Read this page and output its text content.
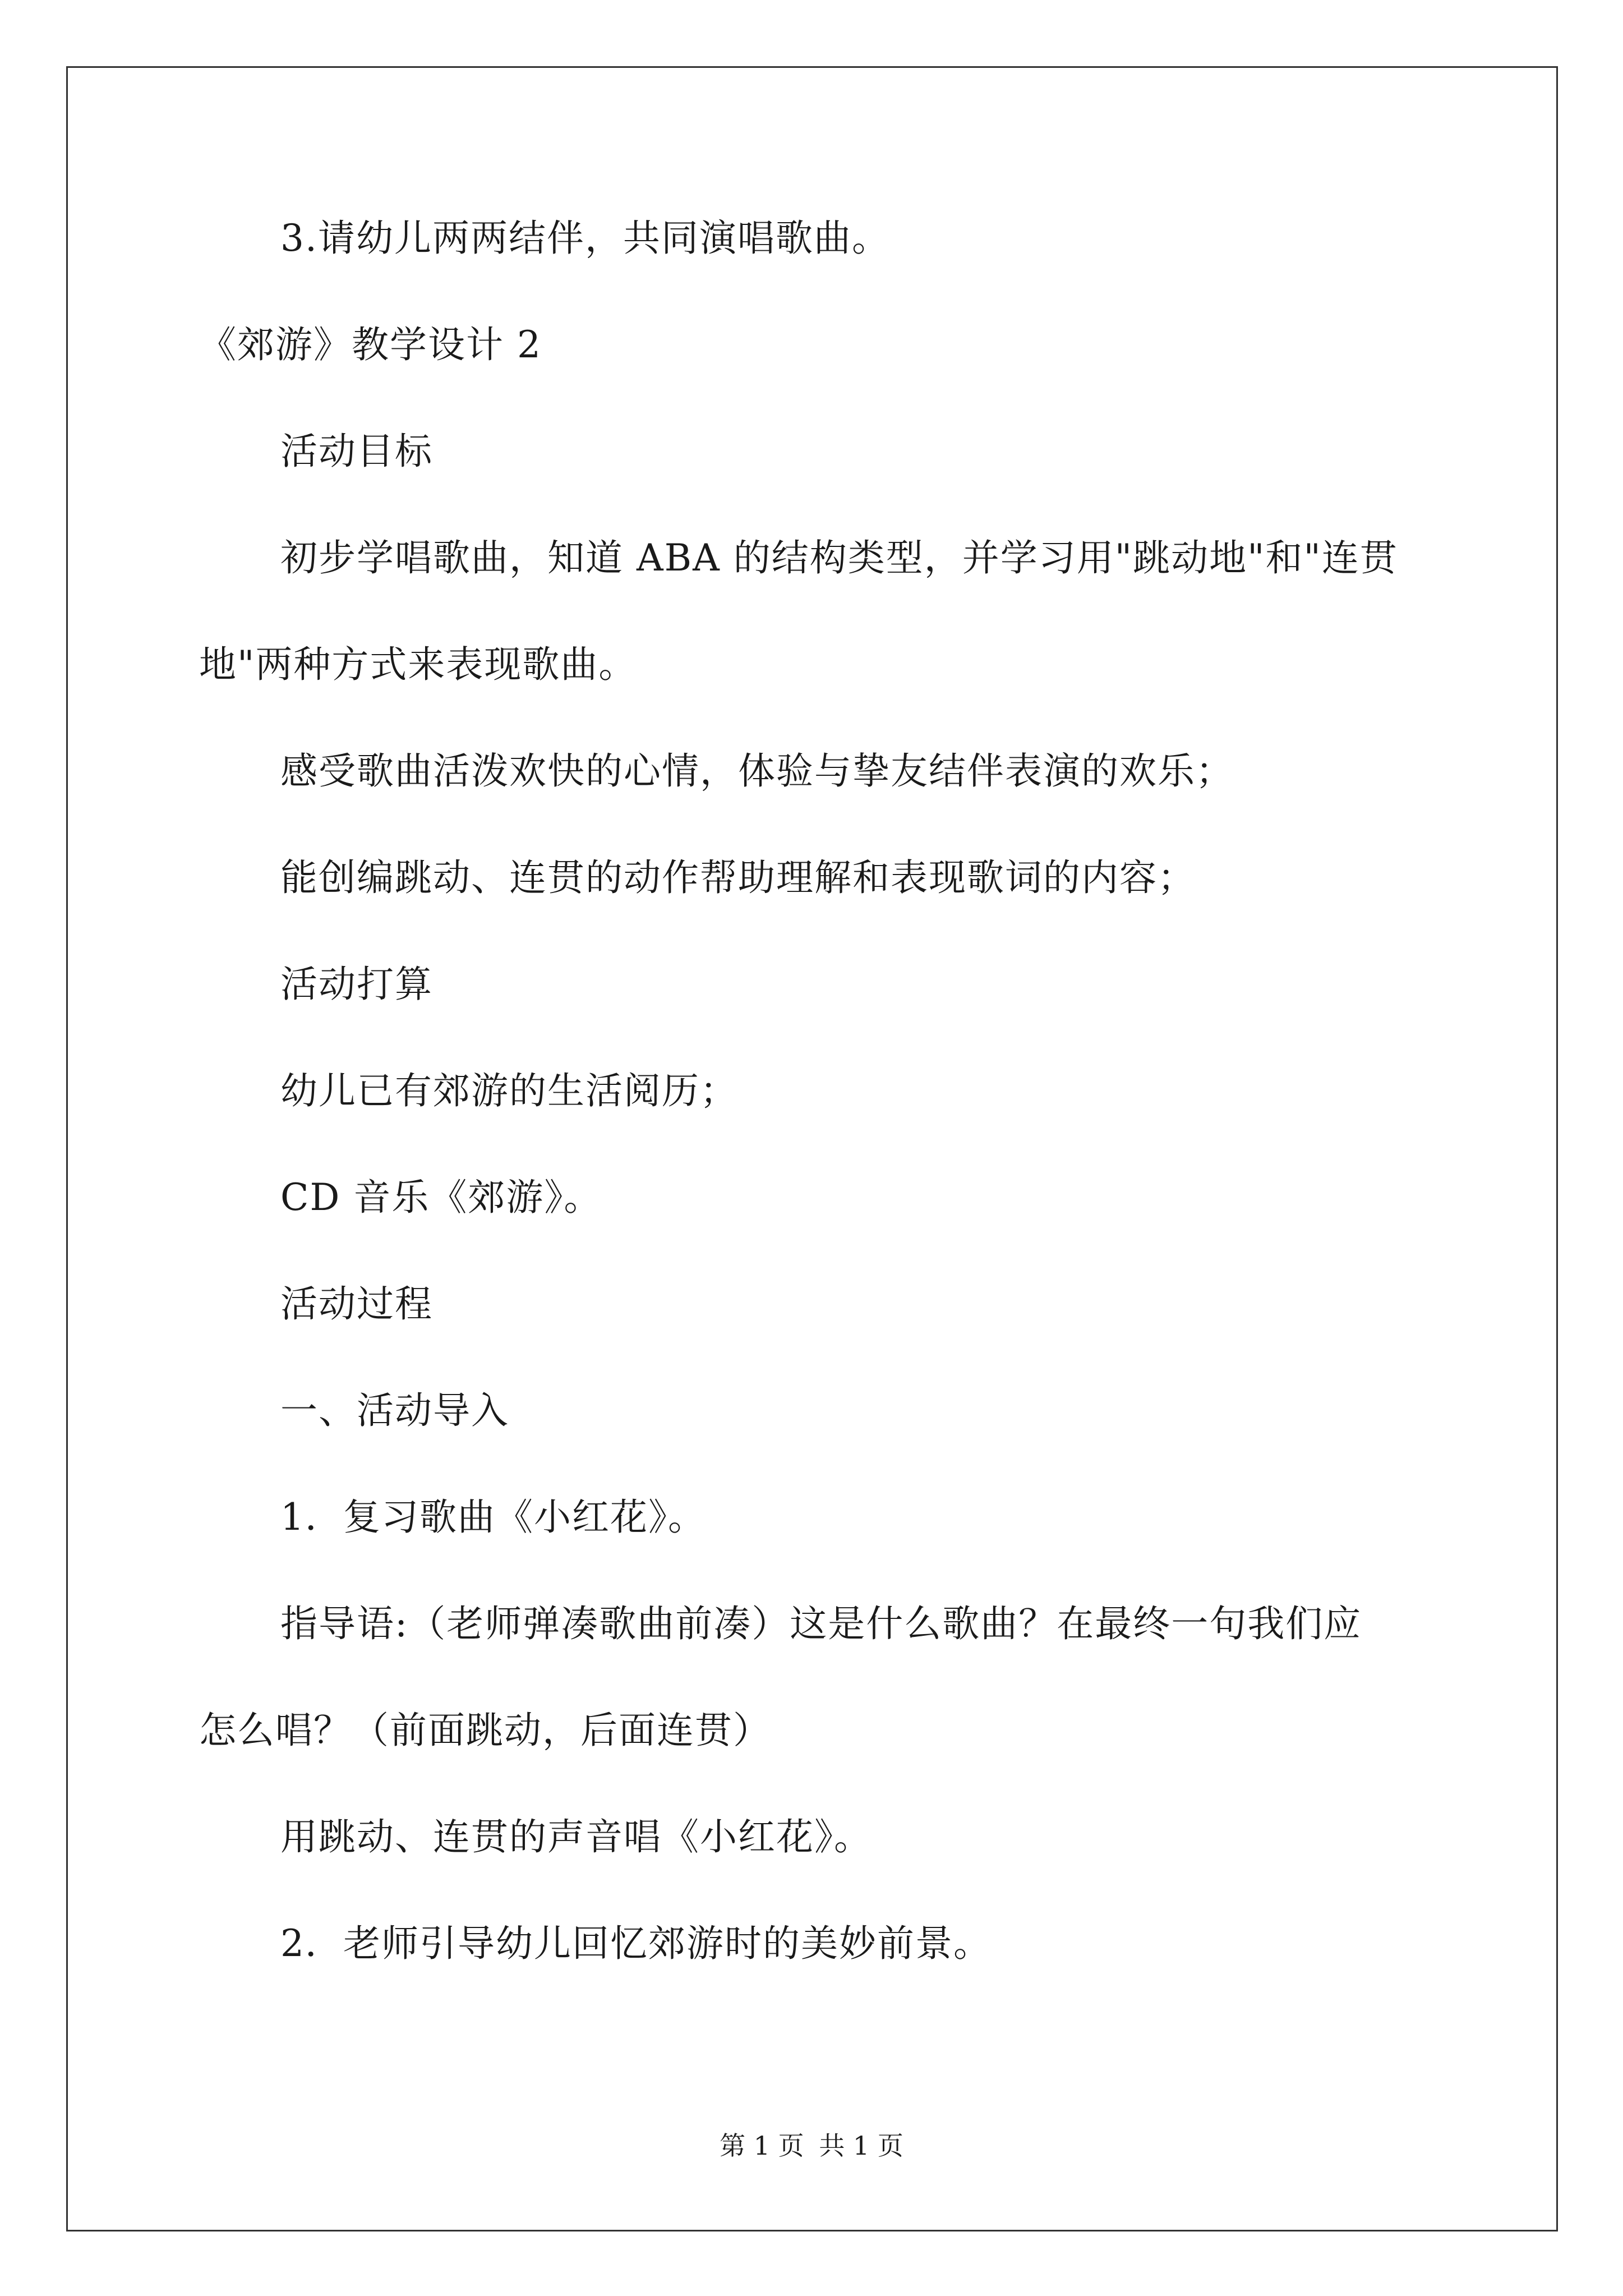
3.请幼儿两两结伴，共同演唱歌曲。
《郊游》教学设计 2
活动目标
初步学唱歌曲，知道 ABA 的结构类型，并学习用"跳动地"和"连贯
地"两种方式来表现歌曲。
感受歌曲活泼欢快的心情，体验与挚友结伴表演的欢乐；
能创编跳动、连贯的动作帮助理解和表现歌词的内容；
活动打算
幼儿已有郊游的生活阅历；
CD 音乐《郊游》。
活动过程
一、活动导入
1．复习歌曲《小红花》。
指导语:（老师弹凑歌曲前凑）这是什么歌曲？在最终一句我们应
怎么唱？（前面跳动，后面连贯）
用跳动、连贯的声音唱《小红花》。
2．老师引导幼儿回忆郊游时的美妙前景。
第 1 页 共 1 页
